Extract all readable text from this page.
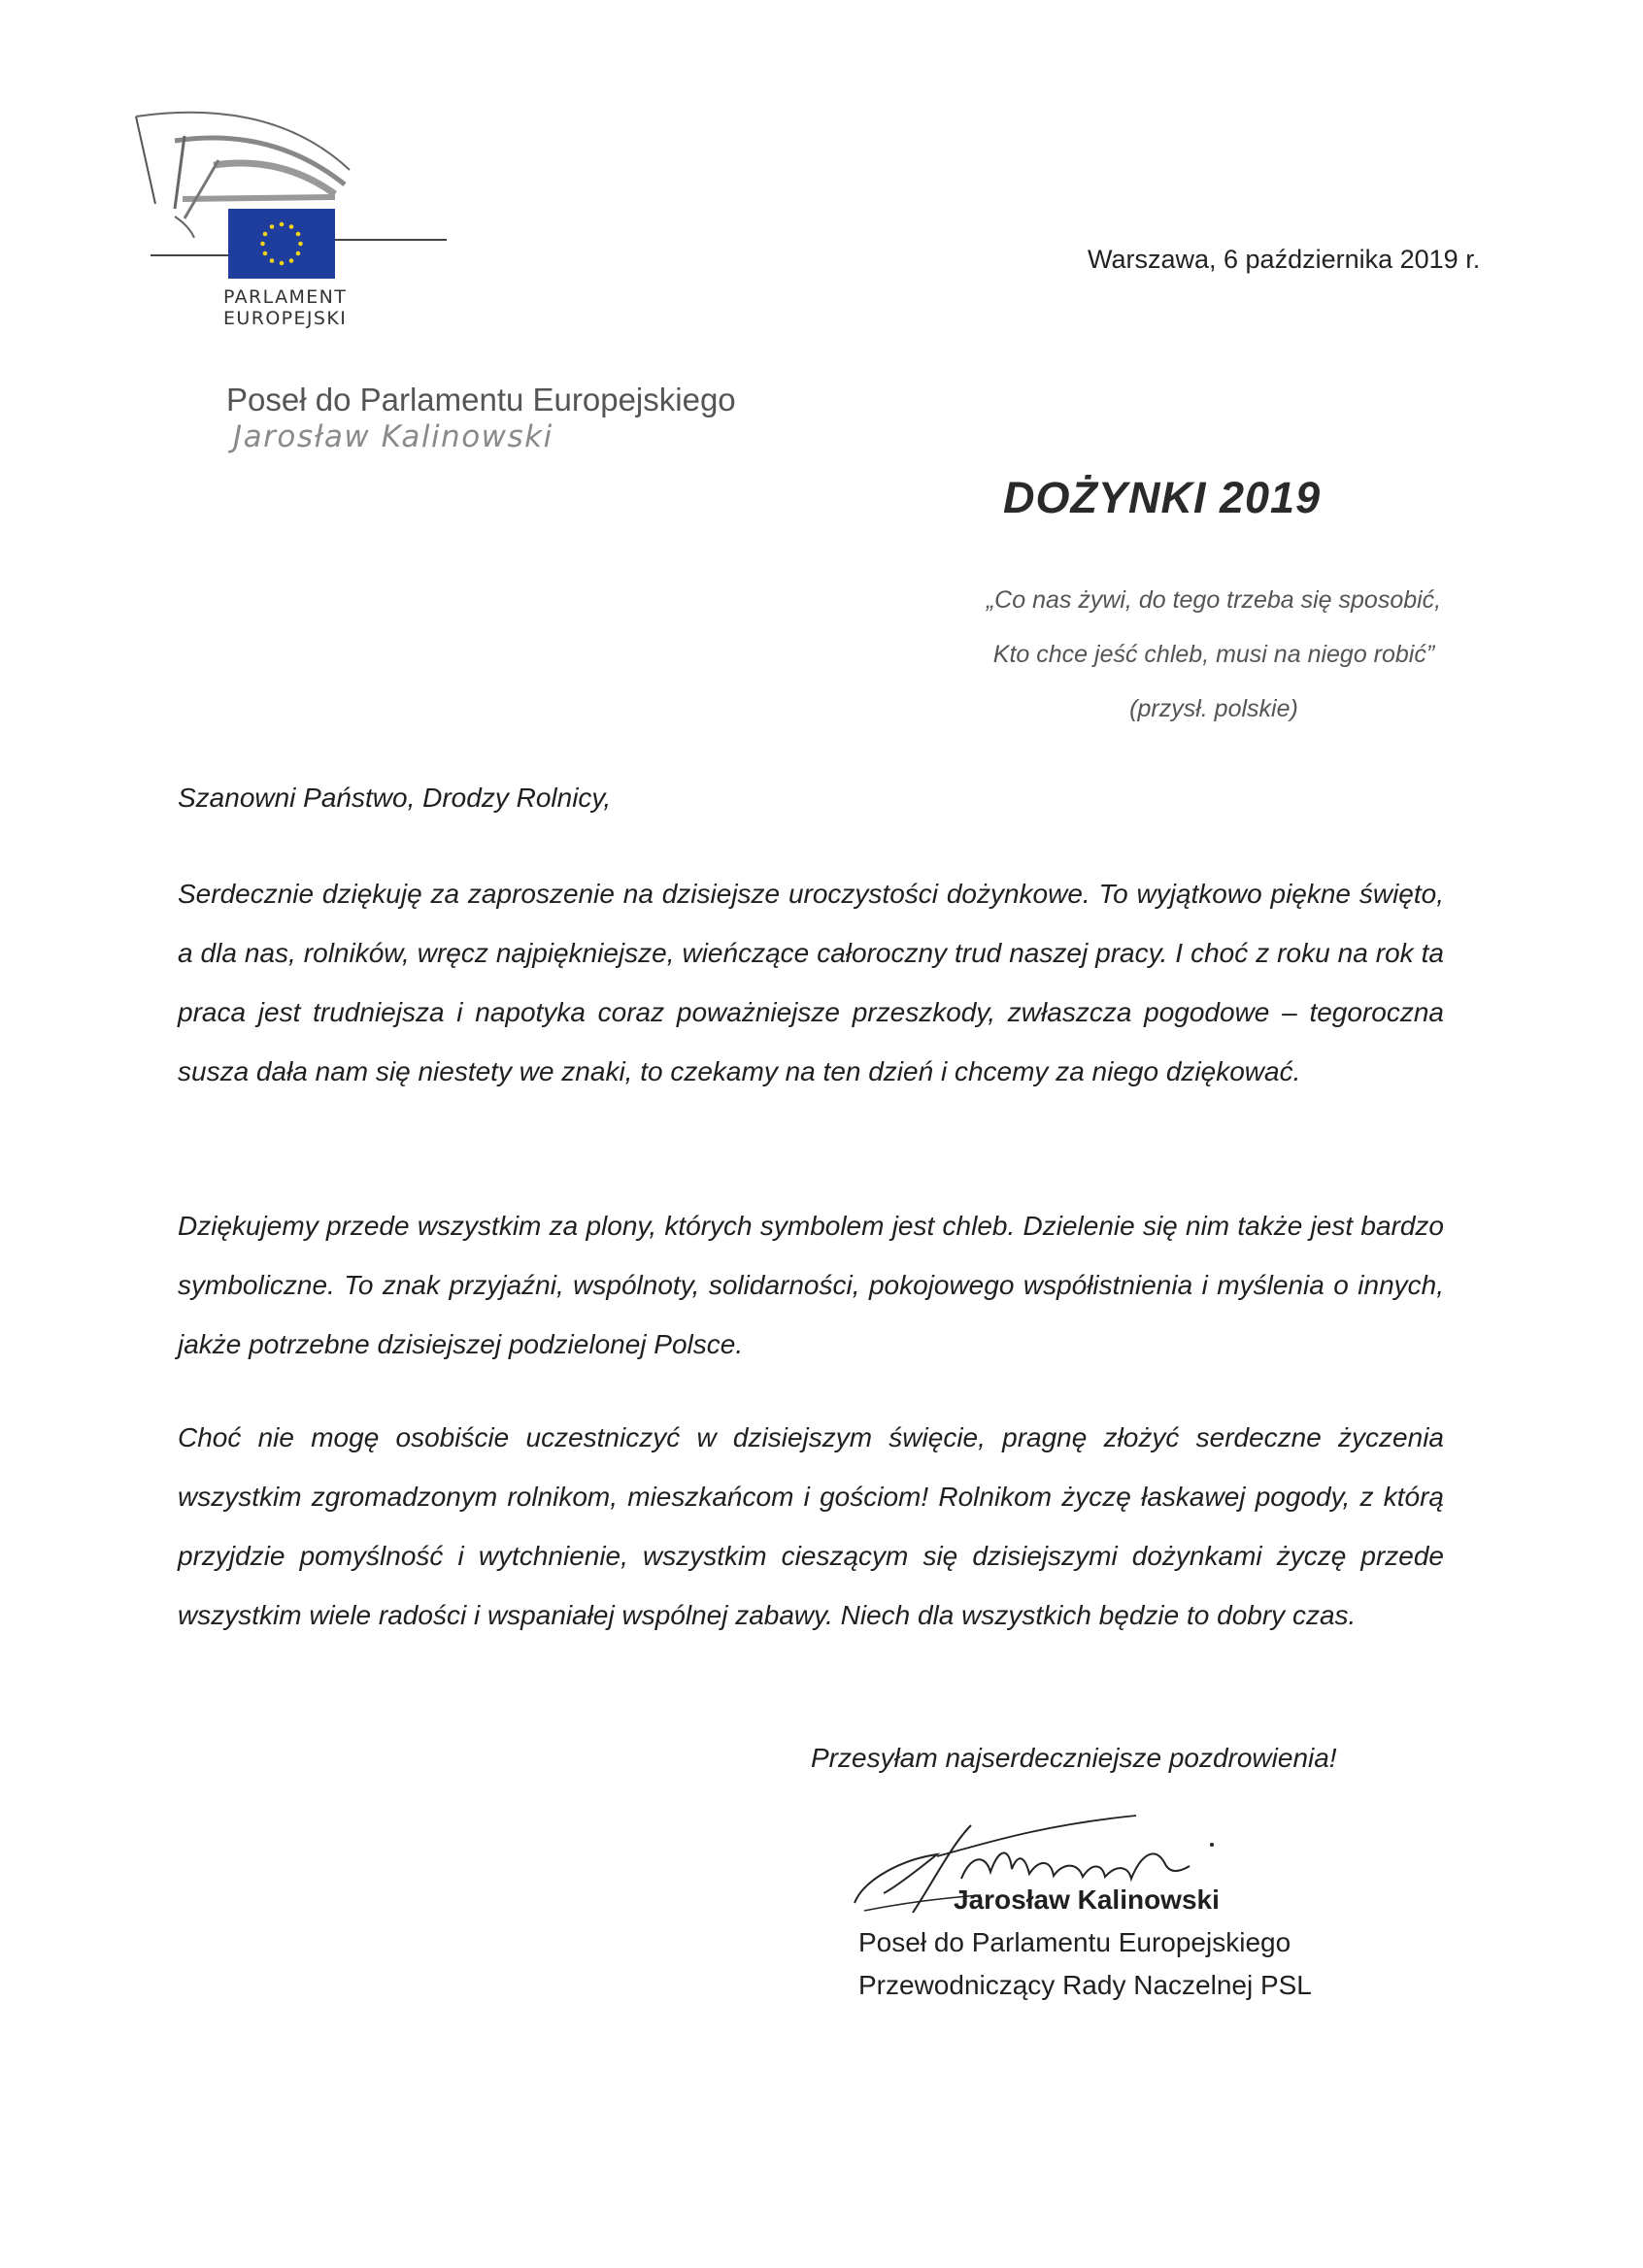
PARLAMENT EUROPEJSKI
Warszawa, 6 października 2019 r.
Poseł do Parlamentu Europejskiego
Jarosław Kalinowski
DOŻYNKI 2019
„Co nas żywi, do tego trzeba się sposobić,
Kto chce jeść chleb, musi na niego robić”
(przysł. polskie)
Szanowni Państwo, Drodzy Rolnicy,

Serdecznie dziękuję za zaproszenie na dzisiejsze uroczystości dożynkowe. To wyjątkowo piękne święto, a dla nas, rolników, wręcz najpiękniejsze, wieńczące całoroczny trud naszej pracy. I choć z roku na rok ta praca jest trudniejsza i napotyka coraz poważniejsze przeszkody, zwłaszcza pogodowe – tegoroczna susza dała nam się niestety we znaki, to czekamy na ten dzień i chcemy za niego dziękować.

Dziękujemy przede wszystkim za plony, których symbolem jest chleb. Dzielenie się nim także jest bardzo symboliczne. To znak przyjaźni, wspólnoty, solidarności, pokojowego współistnienia i myślenia o innych, jakże potrzebne dzisiejszej podzielonej Polsce.

Choć nie mogę osobiście uczestniczyć w dzisiejszym święcie, pragnę złożyć serdeczne życzenia wszystkim zgromadzonym rolnikom, mieszkańcom i gościom! Rolnikom życzę łaskawej pogody, z którą przyjdzie pomyślność i wytchnienie, wszystkim cieszącym się dzisiejszymi dożynkami życzę przede wszystkim wiele radości i wspaniałej wspólnej zabawy. Niech dla wszystkich będzie to dobry czas.

Przesyłam najserdeczniejsze pozdrowienia!
Jarosław Kalinowski
Poseł do Parlamentu Europejskiego
Przewodniczący Rady Naczelnej PSL
